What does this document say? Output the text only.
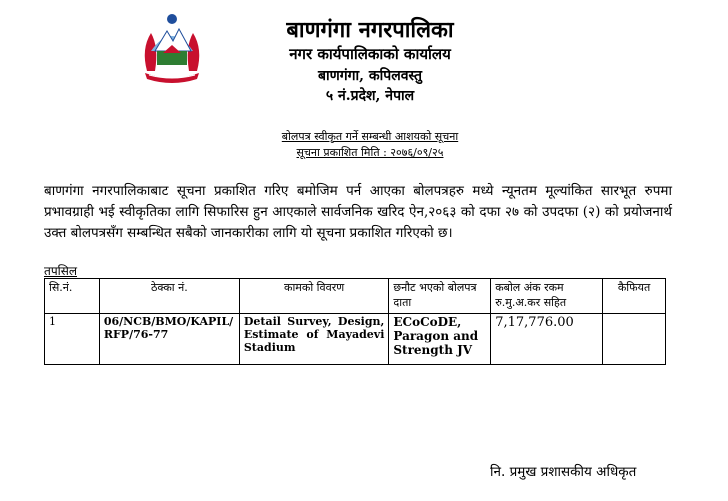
बाणगंगा नगरपालिका
नगर कार्यपालिकाको कार्यालय
बाणगंगा, कपिलवस्तु
५ नं.प्रदेश, नेपाल
बोलपत्र स्वीकृत गर्ने सम्बन्धी आशयको सूचना
सूचना प्रकाशित मिति : २०७६/०९/२५
बाणगंगा नगरपालिकाबाट सूचना प्रकाशित गरिए बमोजिम पर्न आएका बोलपत्रहरु मध्ये न्यूनतम मूल्यांकित सारभूत रुपमा प्रभावग्राही भई स्वीकृतिका लागि सिफारिस हुन आएकाले सार्वजनिक खरिद ऐन,२०६३ को दफा २७ को उपदफा (२) को प्रयोजनार्थ उक्त बोलपत्रसँग सम्बन्धित सबैको जानकारीका लागि यो सूचना प्रकाशित गरिएको छ।
तपसिल
सि.नं.	ठेक्का नं.	कामको विवरण	छनौट भएको बोलपत्र दाता	कबोल अंक रकम रु.मु.अ.कर सहित	कैफियत
1	06/NCB/BMO/KAPIL/ RFP/76-77	Detail Survey, Design, Estimate of Mayadevi Stadium	ECoCoDE, Paragon and Strength JV	7,17,776.00	
नि. प्रमुख प्रशासकीय अधिकृत
